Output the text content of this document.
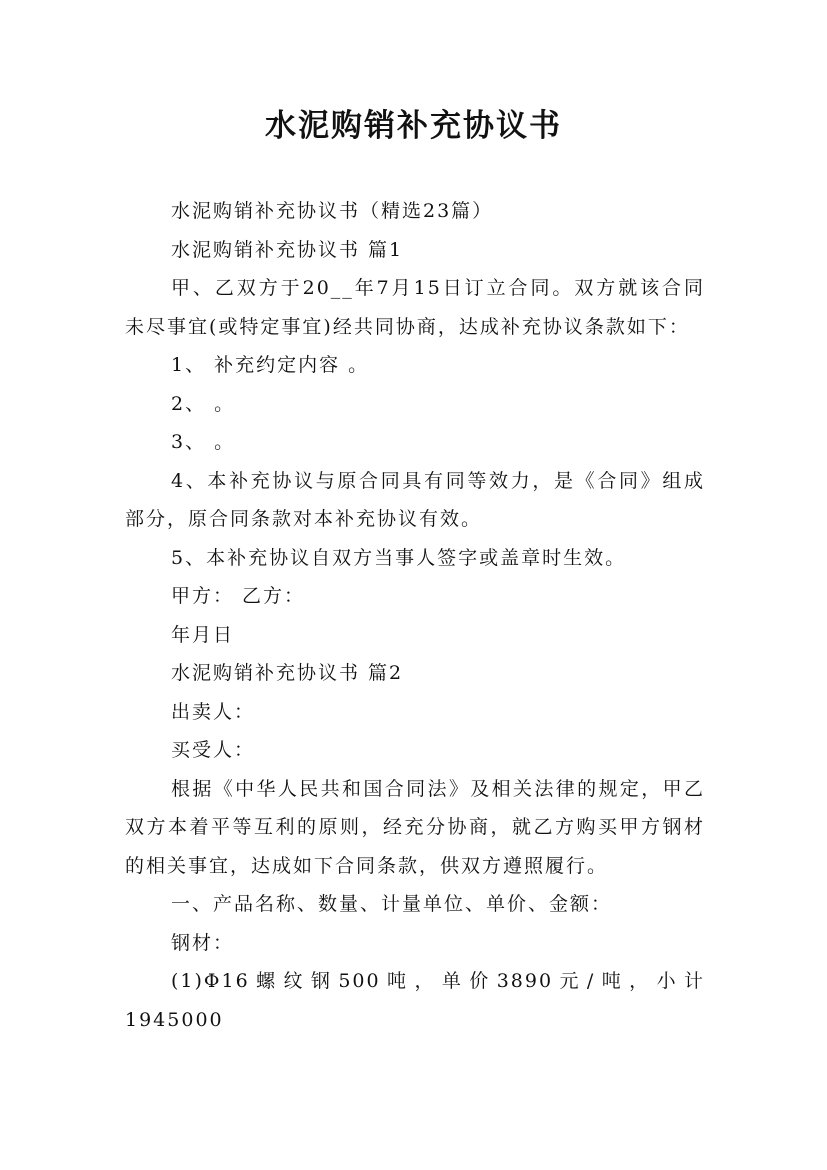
水泥购销补充协议书

水泥购销补充协议书（精选23篇）

水泥购销补充协议书 篇1

甲、乙双方于20__年7月15日订立合同。双方就该合同未尽事宜(或特定事宜)经共同协商，达成补充协议条款如下：

1、 补充约定内容 。

2、 。

3、 。

4、本补充协议与原合同具有同等效力，是《合同》组成部分，原合同条款对本补充协议有效。

5、本补充协议自双方当事人签字或盖章时生效。

甲方： 乙方：

年月日

水泥购销补充协议书 篇2

出卖人：

买受人：

根据《中华人民共和国合同法》及相关法律的规定，甲乙双方本着平等互利的原则，经充分协商，就乙方购买甲方钢材的相关事宜，达成如下合同条款，供双方遵照履行。

一、产品名称、数量、计量单位、单价、金额：

钢材：

(1)Φ16螺纹钢500吨，单价3890元/吨，小计1945000
